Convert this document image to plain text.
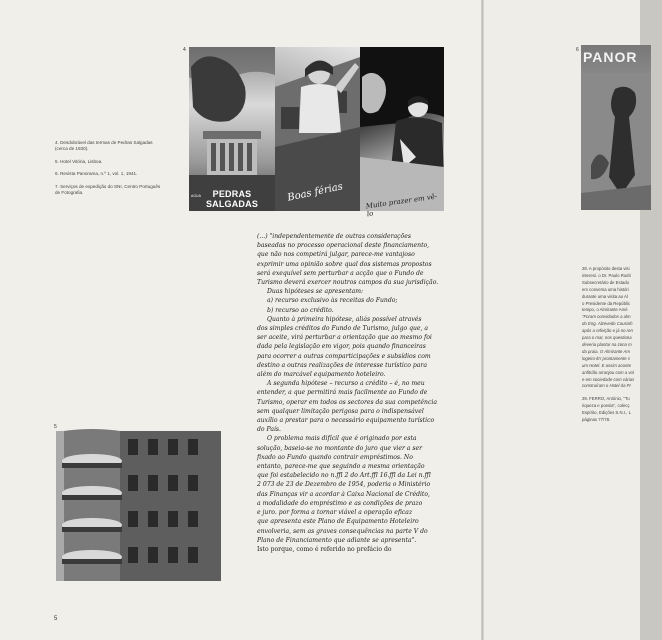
4

4. Desdobrável das termas de Pedras Salgadas (cerca de 1930).

5. Hotel Vitória, Lisboa.

6. Revista Panorama, n.º 1, vol. 1, 1941.

7. Serviços de expedição do SNI, Centro Português de Fotografia.

AGUA	PEDRAS SALGADAS
Boas férias	Muito prazer em vê-lo
5

(...) "independentemente de outras considerações

baseadas no processo operacional deste financiamento,

que não nos competirá julgar, parece-me vantajoso

exprimir uma opinião sobre qual dos sistemas propostos

será exequível sem perturbar a acção que o Fundo de

Turismo deverá exercer noutros campos da sua jurisdição.

Duas hipóteses se apresentam:

a) recurso exclusivo às receitas do Fundo;

b) recurso ao crédito.

Quanto à primeira hipótese, aliás possível através

dos simples créditos do Fundo de Turismo, julgo que, a

ser aceite, virá perturbar a orientação que ao mesmo foi

dada pela legislação em vigor, pois quando financeiras

para ocorrer a outras comparticipações e subsídios com

destino a outras realizações de interesse turístico para

além do marcável equipamento hoteleiro.

A segunda hipótese – recurso a crédito – é, no meu

entender, a que permitirá mais facilmente ao Fundo de

Turismo, operar em todos os sectores da sua competência

sem qualquer limitação perigosa para o indispensável

auxílio a prestar para o necessário equipamento turístico

do País.

O problema mais difícil que é originado por esta

solução, baseia-se no montante do juro que vier a ser

fixado ao Fundo quando contrair empréstimos. No

entanto, parece-me que seguindo a mesma orientação

que foi estabelecido no n.ﬀl 2 do Art.ﬀl 16.ﬀl da Lei n.ﬀl

2 073 de 23 de Dezembro de 1954, poderia o Ministério

das Finanças vir a acordar à Caixa Nacional de Crédito,

a modalidade do empréstimo e as condições de prazo

e juro. por forma a tornar viável a operação eficaz

que apresenta este Plano de Equipamento Hoteleiro

envolveria, sem as graves consequências na parte V do

Plano de Financiamento que adiante se apresenta".

Isto porque, como é referido no prefácio do

5
6 PANOR

28. A propósito desta visi

interesi. o Dr. Paulo Rodri

Subsecretário de Estado

em conversa uma históri

durante uma visita ao Al

o Presidente da Repúblic

tempo, o Almirante Amé

"Foram convidados a alm

do Eng. Alzevedo Cousinh

após a refeição e já no ren

para o mar, nos questiona

deveria plantar na zona m

da praia. O Almirante Am

logeiro-ltrr prontamente s

um Hotel. E assim aconte

anfitrião arranjou com a vol

e em sociedade com várias

construíram o Hotel da Pr

29. FERRO, António, "Tu

riqueza e poesia", colecç

Espírito, Edições S.N.I., L

páginas 77/78.
